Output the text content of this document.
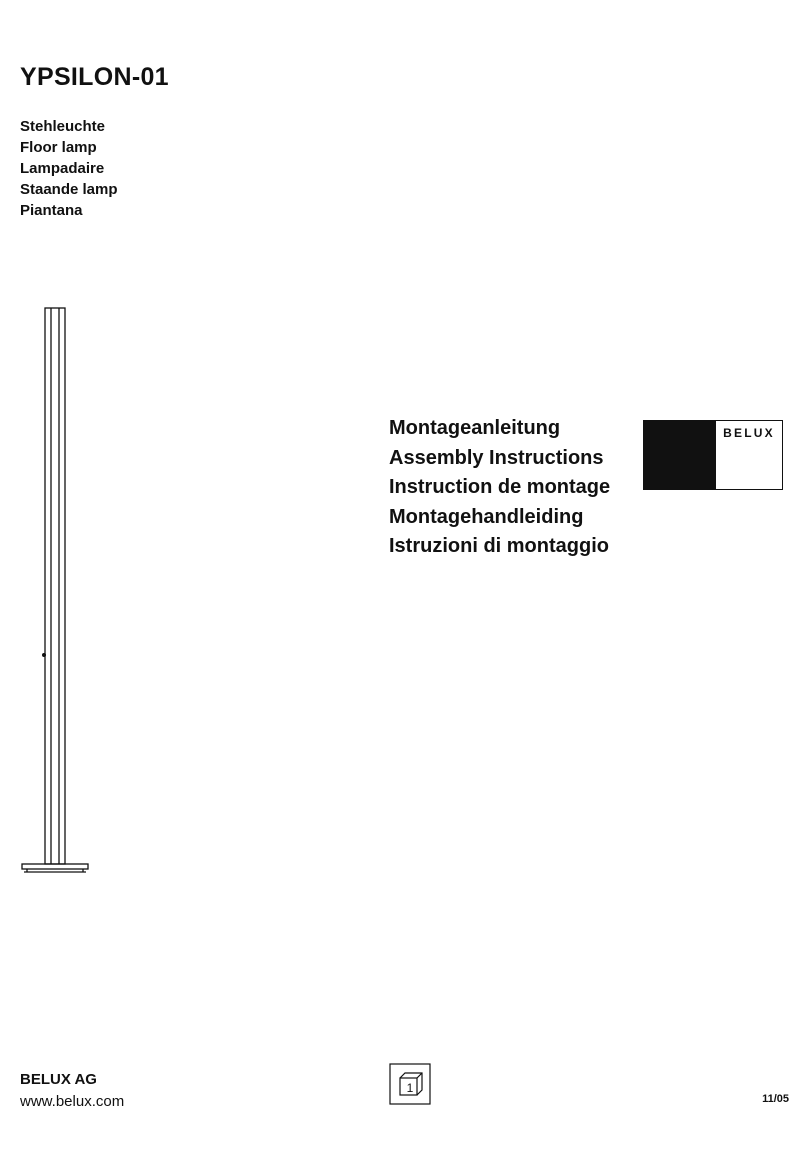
YPSILON-01
Stehleuchte
Floor lamp
Lampadaire
Staande lamp
Piantana
Montageanleitung
Assembly Instructions
Instruction de montage
Montagehandleiding
Istruzioni di montaggio
BELUX
BELUX AG
www.belux.com
1
11/05
